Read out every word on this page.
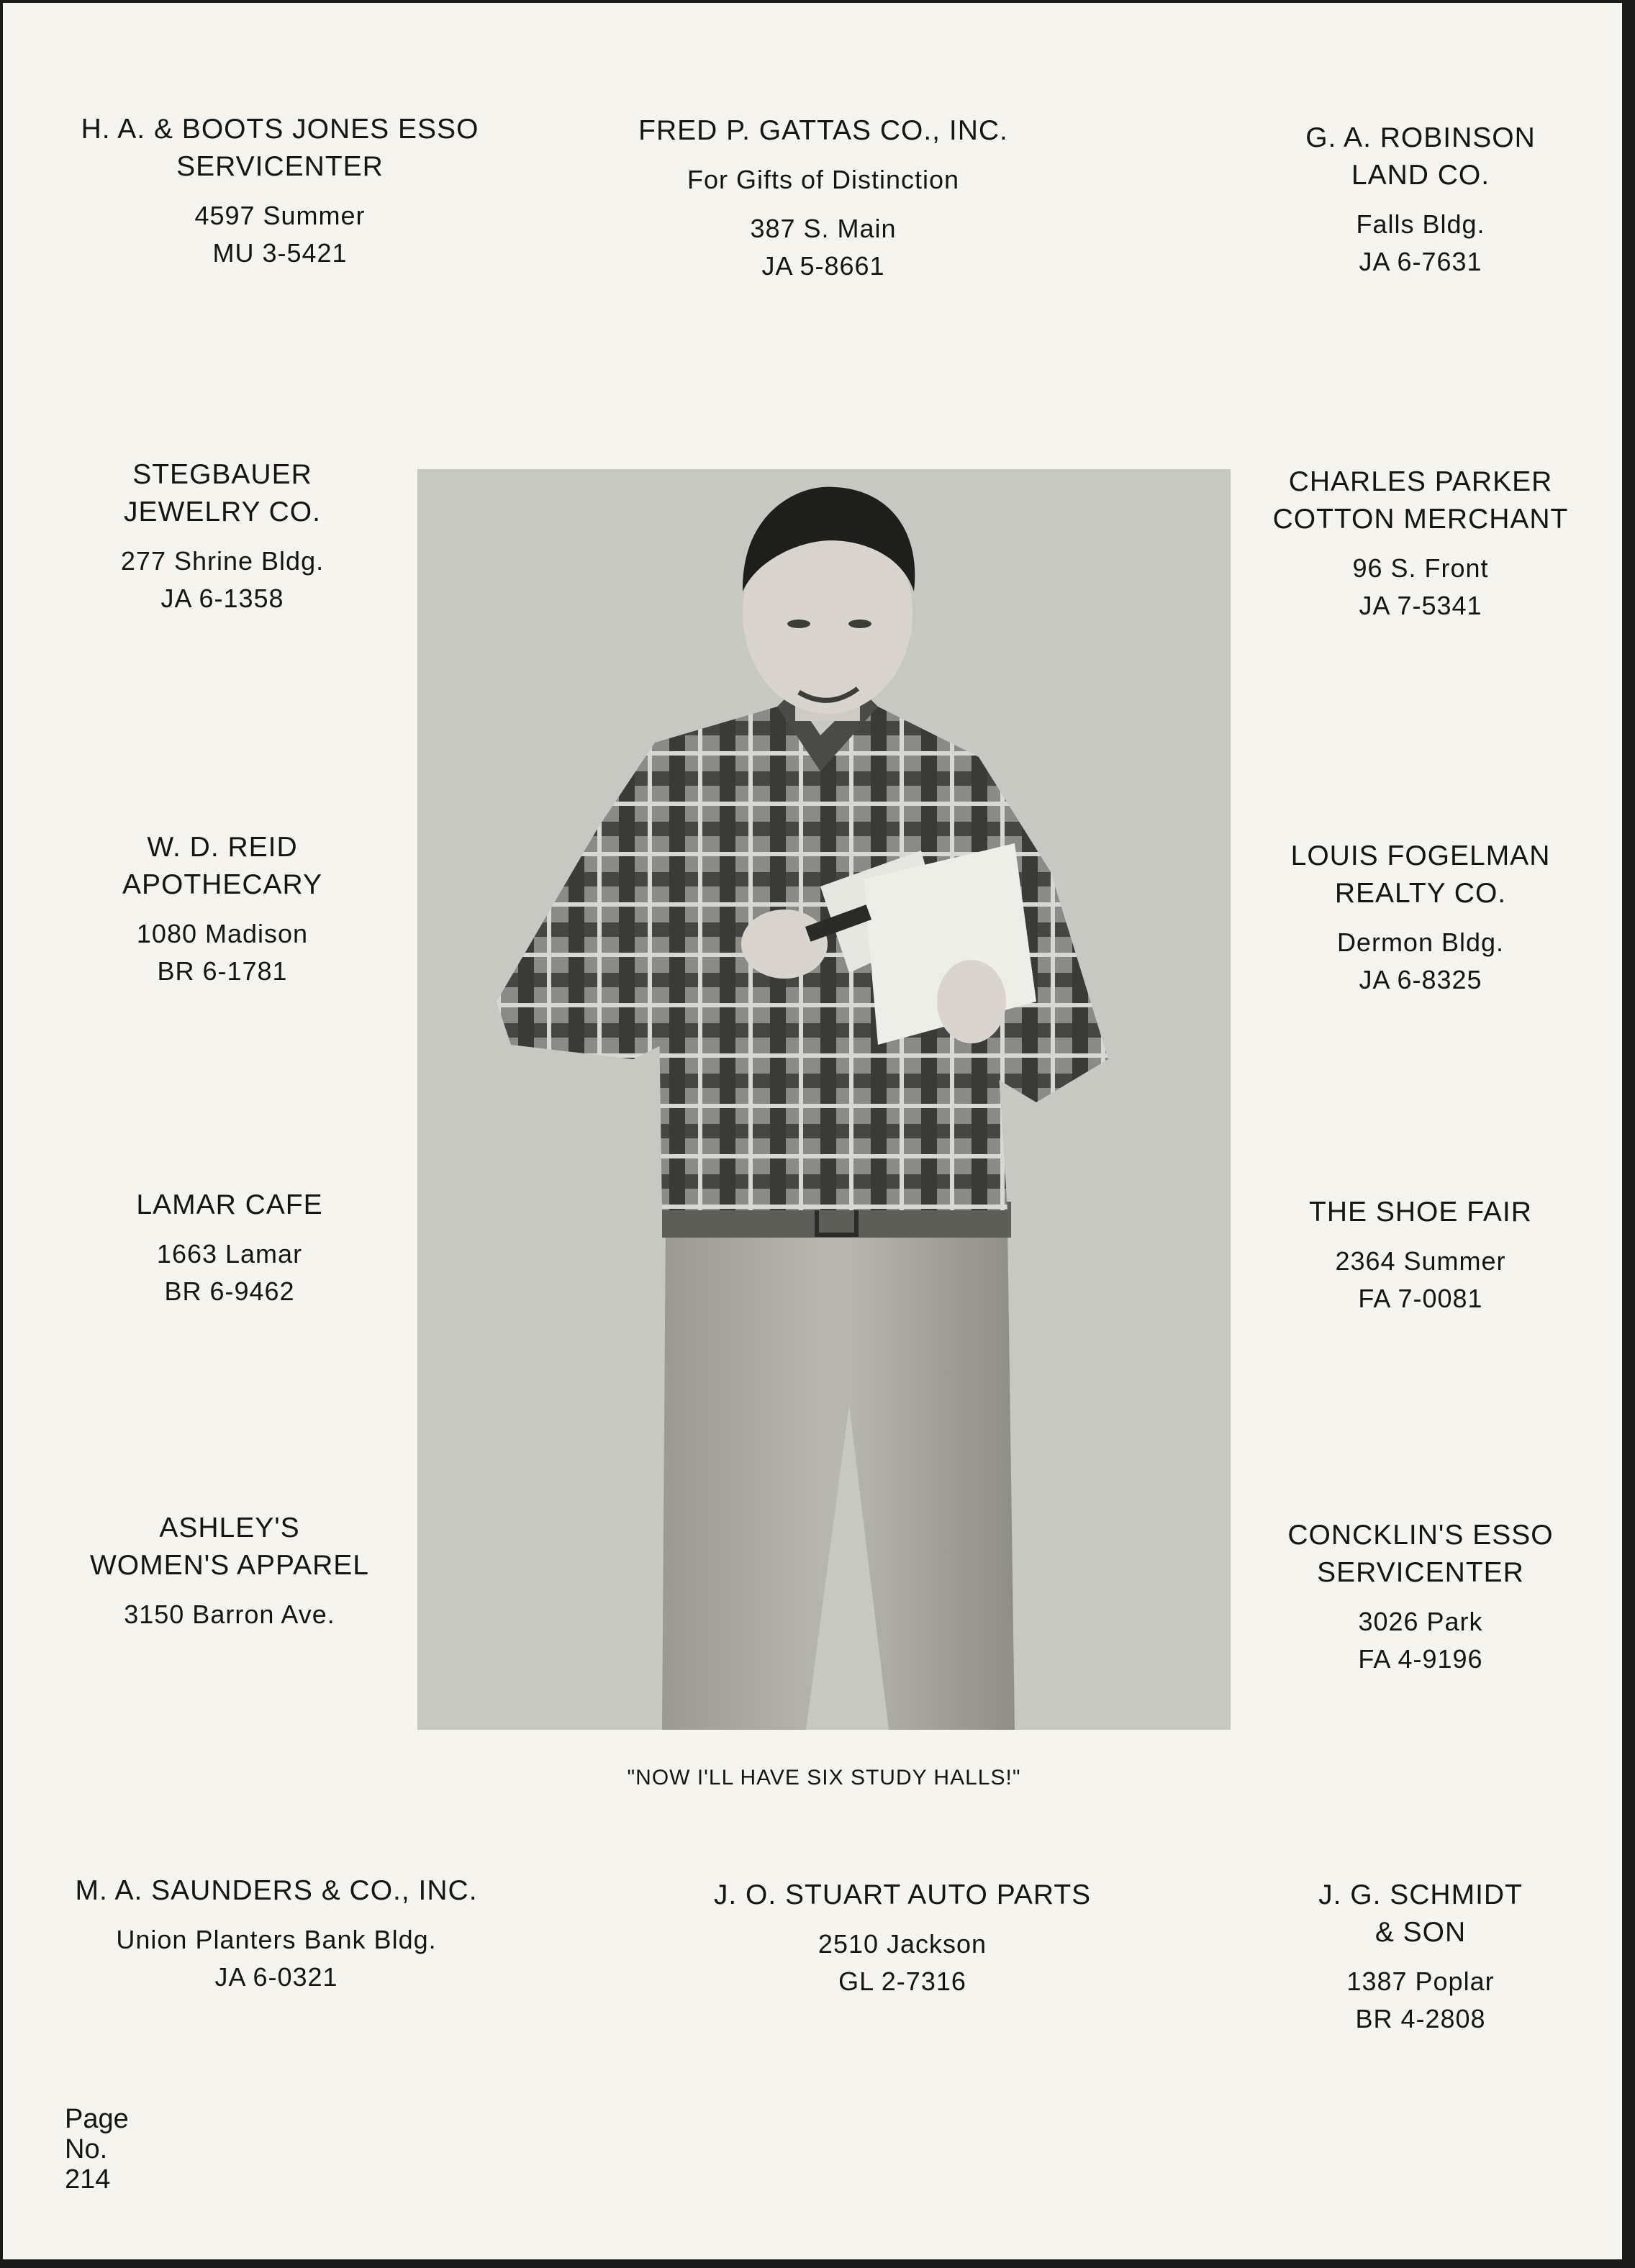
H. A. & BOOTS JONES ESSO
SERVICENTER
4597 Summer
MU 3-5421
FRED P. GATTAS CO., INC.
For Gifts of Distinction
387 S. Main
JA 5-8661
G. A. ROBINSON
LAND CO.
Falls Bldg.
JA 6-7631
STEGBAUER
JEWELRY CO.
277 Shrine Bldg.
JA 6-1358
W. D. REID
APOTHECARY
1080 Madison
BR 6-1781
LAMAR CAFE
1663 Lamar
BR 6-9462
ASHLEY'S
WOMEN'S APPAREL
3150 Barron Ave.
CHARLES PARKER
COTTON MERCHANT
96 S. Front
JA 7-5341
LOUIS FOGELMAN
REALTY CO.
Dermon Bldg.
JA 6-8325
THE SHOE FAIR
2364 Summer
FA 7-0081
CONCKLIN'S ESSO
SERVICENTER
3026 Park
FA 4-9196
"NOW I'LL HAVE SIX STUDY HALLS!"
M. A. SAUNDERS & CO., INC.
Union Planters Bank Bldg.
JA 6-0321
J. O. STUART AUTO PARTS
2510 Jackson
GL 2-7316
J. G. SCHMIDT
& SON
1387 Poplar
BR 4-2808
Page
No.
214
